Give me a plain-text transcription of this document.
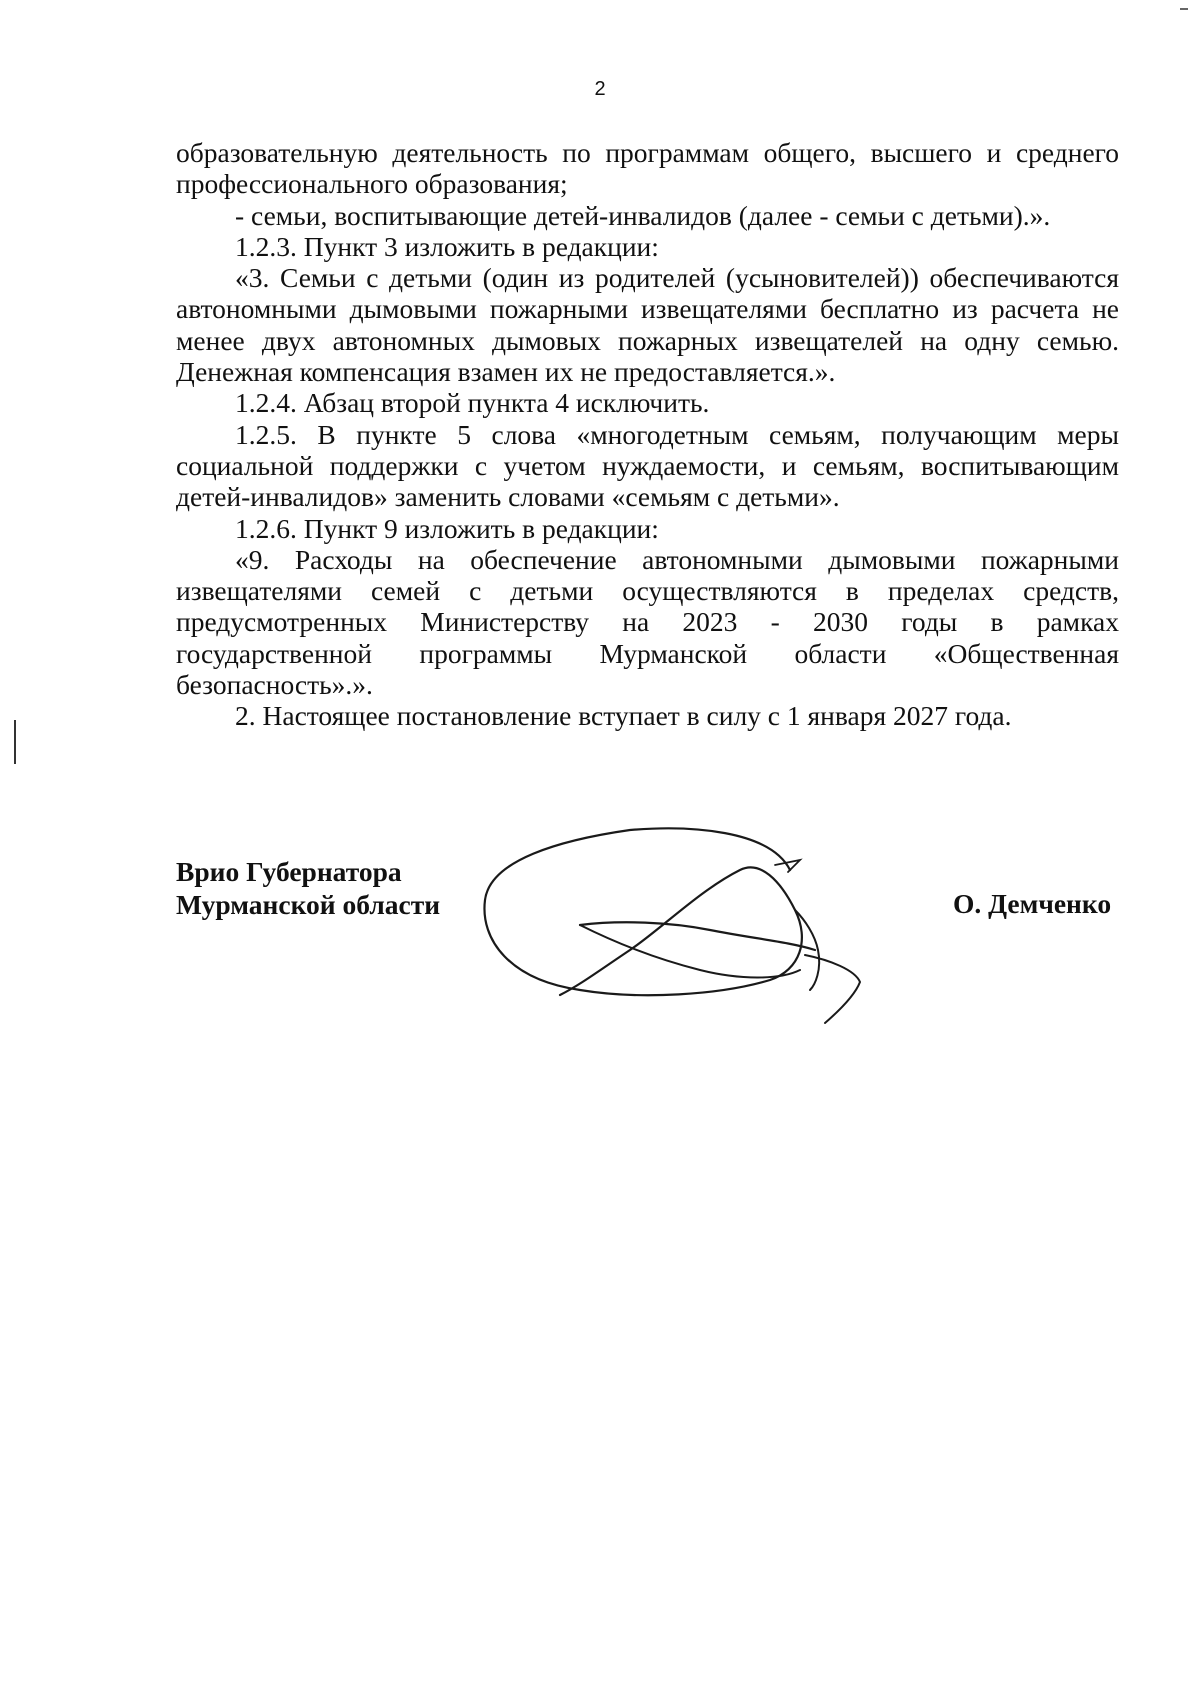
2

образовательную деятельность по программам общего, высшего и среднего
профессионального образования;

- семьи, воспитывающие детей-инвалидов (далее - семьи с детьми).».

1.2.3. Пункт 3 изложить в редакции:

«3. Семьи с детьми (один из родителей (усыновителей)) обеспечиваются
автономными дымовыми пожарными извещателями бесплатно из расчета не
менее двух автономных дымовых пожарных извещателей на одну семью.
Денежная компенсация взамен их не предоставляется.».

1.2.4. Абзац второй пункта 4 исключить.

1.2.5. В пункте 5 слова «многодетным семьям, получающим меры
социальной поддержки с учетом нуждаемости, и семьям, воспитывающим
детей-инвалидов» заменить словами «семьям с детьми».

1.2.6. Пункт 9 изложить в редакции:

«9. Расходы на обеспечение автономными дымовыми пожарными
извещателями семей с детьми осуществляются в пределах средств,
предусмотренных Министерству на 2023 - 2030 годы в рамках
государственной программы Мурманской области «Общественная
безопасность».».

2. Настоящее постановление вступает в силу с 1 января 2027 года.

Врио Губернатора
Мурманской области	О. Демченко
